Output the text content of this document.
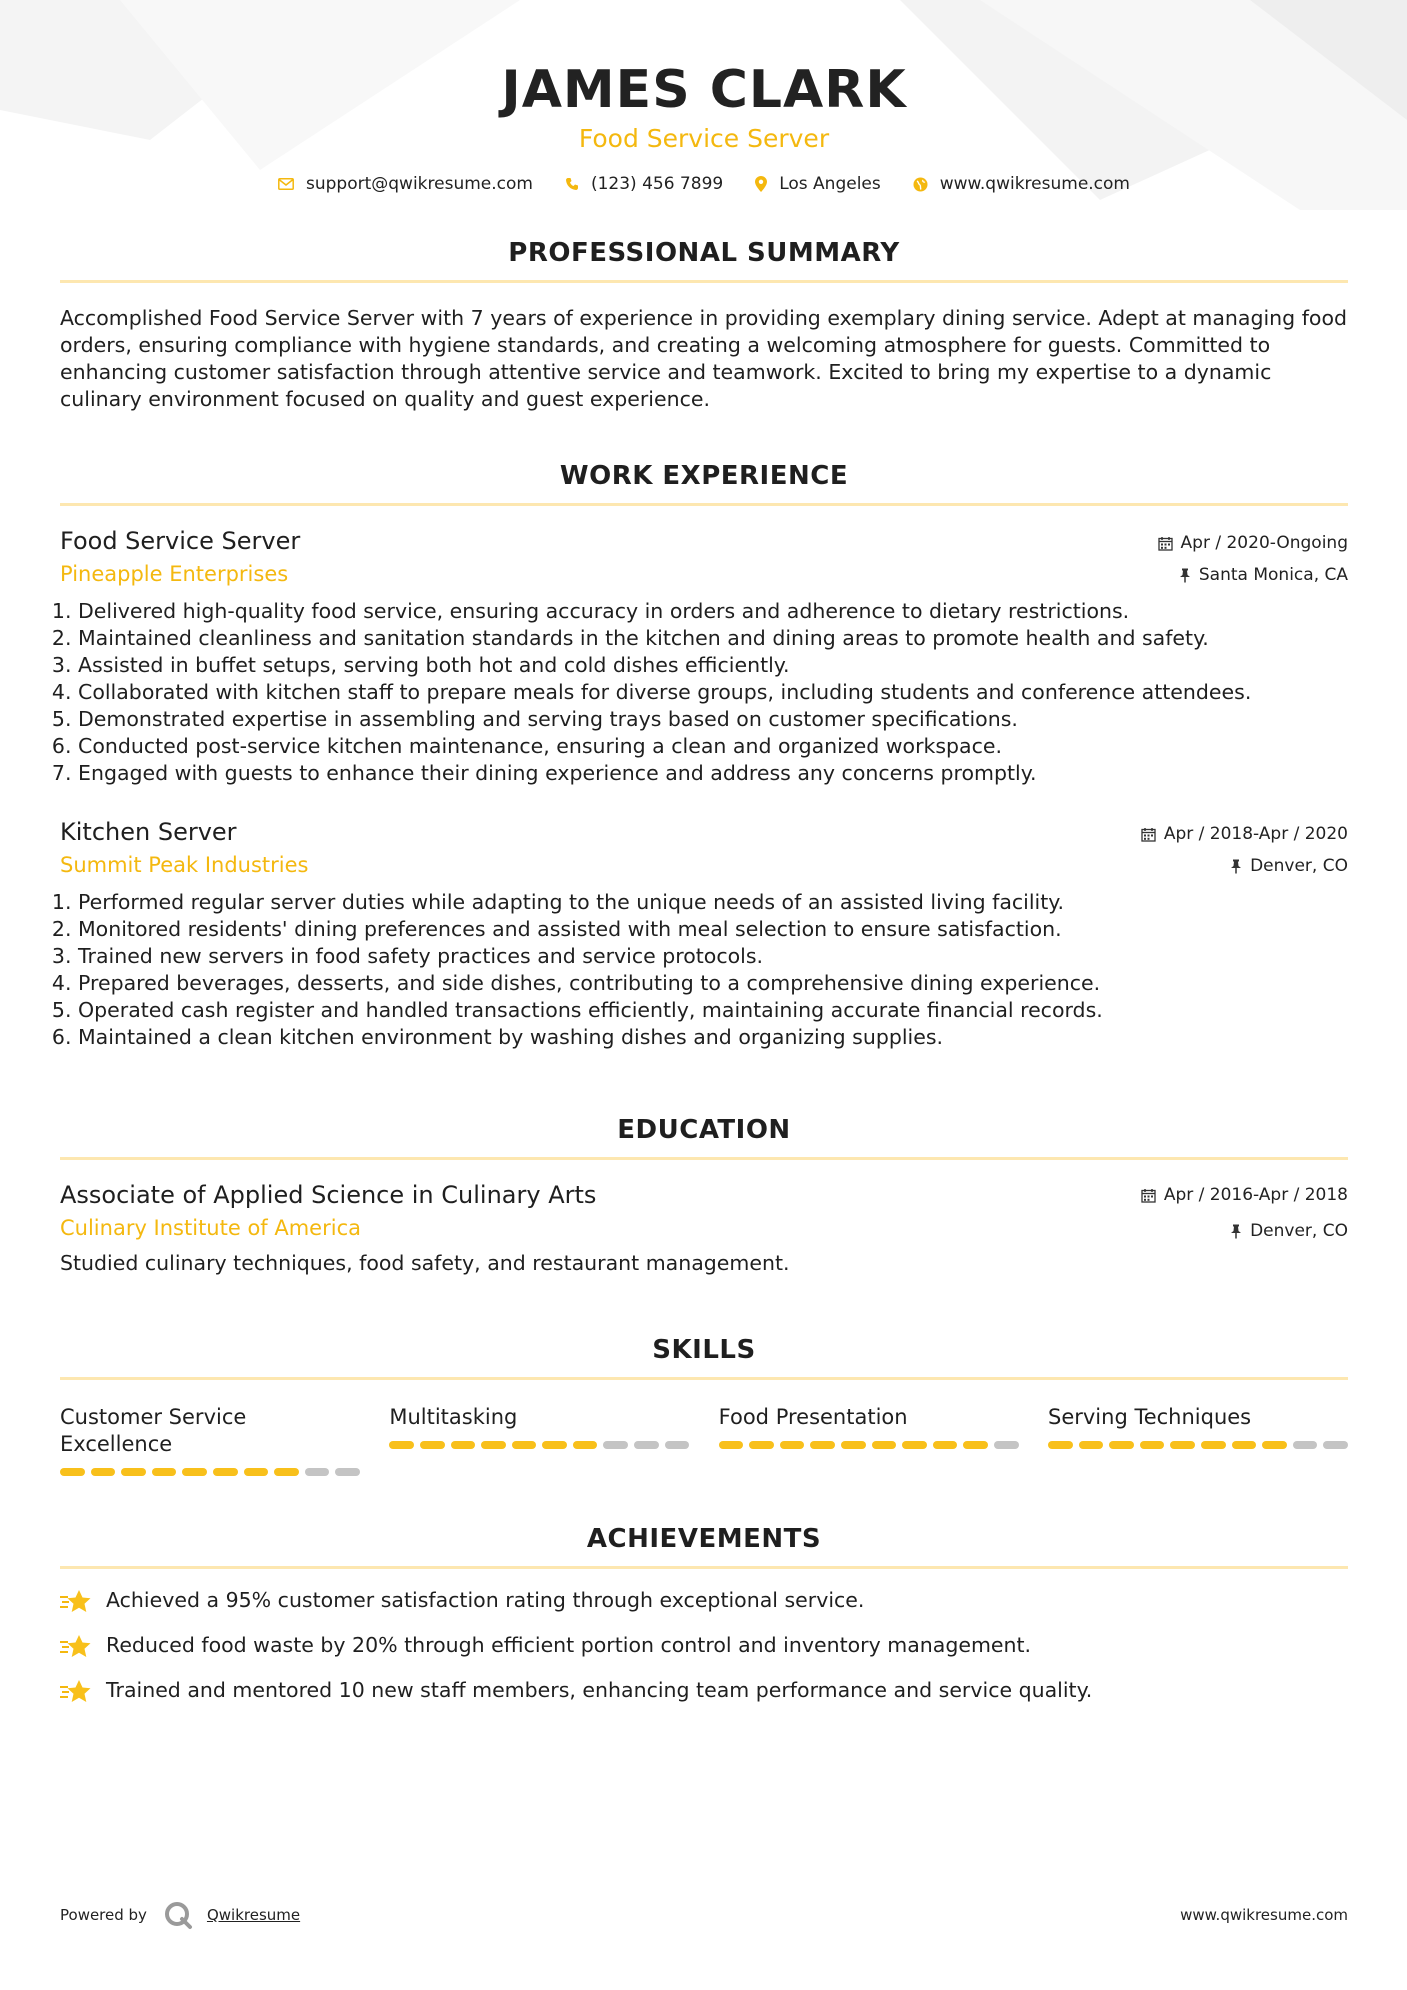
JAMES CLARK
Food Service Server
support@qwikresume.com	(123) 456 7899	Los Angeles	www.qwikresume.com
PROFESSIONAL SUMMARY
Accomplished Food Service Server with 7 years of experience in providing exemplary dining service. Adept at managing food orders, ensuring compliance with hygiene standards, and creating a welcoming atmosphere for guests. Committed to enhancing customer satisfaction through attentive service and teamwork. Excited to bring my expertise to a dynamic culinary environment focused on quality and guest experience.
WORK EXPERIENCE
Food Service Server
Pineapple Enterprises
Apr / 2020-Ongoing
Santa Monica, CA
1. Delivered high-quality food service, ensuring accuracy in orders and adherence to dietary restrictions.
2. Maintained cleanliness and sanitation standards in the kitchen and dining areas to promote health and safety.
3. Assisted in buffet setups, serving both hot and cold dishes efficiently.
4. Collaborated with kitchen staff to prepare meals for diverse groups, including students and conference attendees.
5. Demonstrated expertise in assembling and serving trays based on customer specifications.
6. Conducted post-service kitchen maintenance, ensuring a clean and organized workspace.
7. Engaged with guests to enhance their dining experience and address any concerns promptly.
Kitchen Server
Summit Peak Industries
Apr / 2018-Apr / 2020
Denver, CO
1. Performed regular server duties while adapting to the unique needs of an assisted living facility.
2. Monitored residents' dining preferences and assisted with meal selection to ensure satisfaction.
3. Trained new servers in food safety practices and service protocols.
4. Prepared beverages, desserts, and side dishes, contributing to a comprehensive dining experience.
5. Operated cash register and handled transactions efficiently, maintaining accurate financial records.
6. Maintained a clean kitchen environment by washing dishes and organizing supplies.
EDUCATION
Associate of Applied Science in Culinary Arts
Culinary Institute of America
Apr / 2016-Apr / 2018
Denver, CO
Studied culinary techniques, food safety, and restaurant management.
SKILLS
Customer Service Excellence
Multitasking	Food Presentation	Serving Techniques
ACHIEVEMENTS
Achieved a 95% customer satisfaction rating through exceptional service.
Reduced food waste by 20% through efficient portion control and inventory management.
Trained and mentored 10 new staff members, enhancing team performance and service quality.
Powered by	Qwikresume	www.qwikresume.com
